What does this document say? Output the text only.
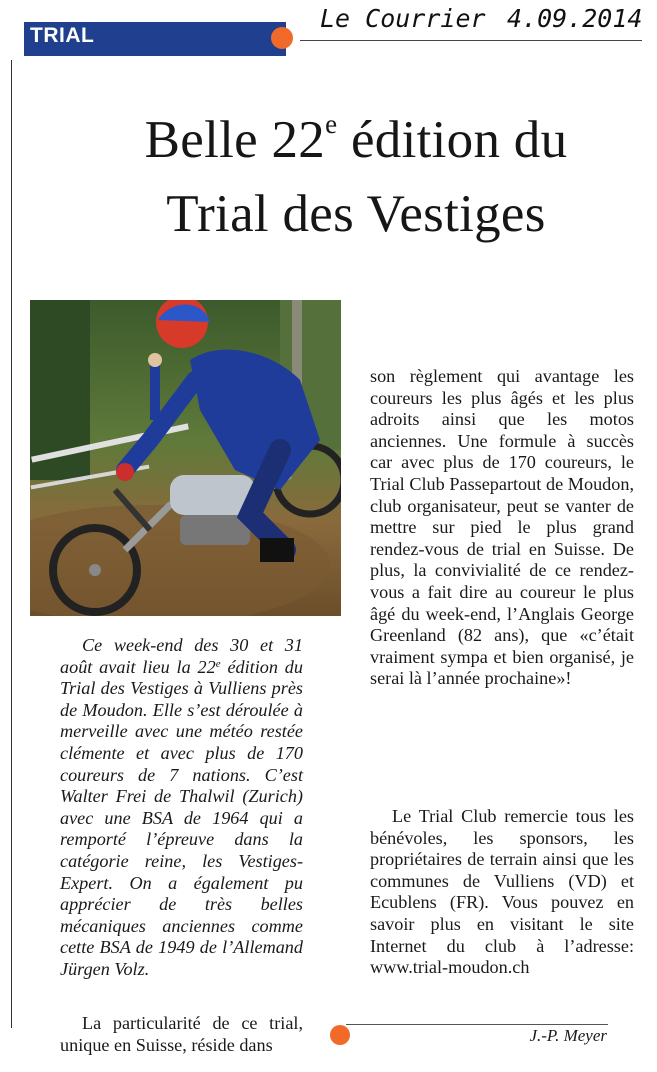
TRIAL
Le Courrier 4.09.2014
Belle 22e édition du
Trial des Vestiges

Ce week-end des 30 et 31 août avait lieu la 22e édition du Trial des Vestiges à Vulliens près de Moudon. Elle s’est déroulée à merveille avec une météo restée clémente et avec plus de 170 coureurs de 7 nations. C’est Walter Frei de Thalwil (Zurich) avec une BSA de 1964 qui a remporté l’épreuve dans la catégorie reine, les Vestiges-Expert. On a également pu apprécier de très belles mécaniques anciennes comme cette BSA de 1949 de l’Allemand Jürgen Volz.

La particularité de ce trial, unique en Suisse, réside dans

son règlement qui avantage les coureurs les plus âgés et les plus adroits ainsi que les motos anciennes. Une formule à succès car avec plus de 170 coureurs, le Trial Club Passepartout de Moudon, club organisateur, peut se vanter de mettre sur pied le plus grand rendez-vous de trial en Suisse. De plus, la convivialité de ce rendez-vous a fait dire au coureur le plus âgé du week-end, l’Anglais George Greenland (82 ans), que «c’était vraiment sympa et bien organisé, je serai là l’année prochaine»!

Le Trial Club remercie tous les bénévoles, les sponsors, les propriétaires de terrain ainsi que les communes de Vulliens (VD) et Ecublens (FR). Vous pouvez en savoir plus en visitant le site Internet du club à l’adresse: www.trial-moudon.ch

J.-P. Meyer
